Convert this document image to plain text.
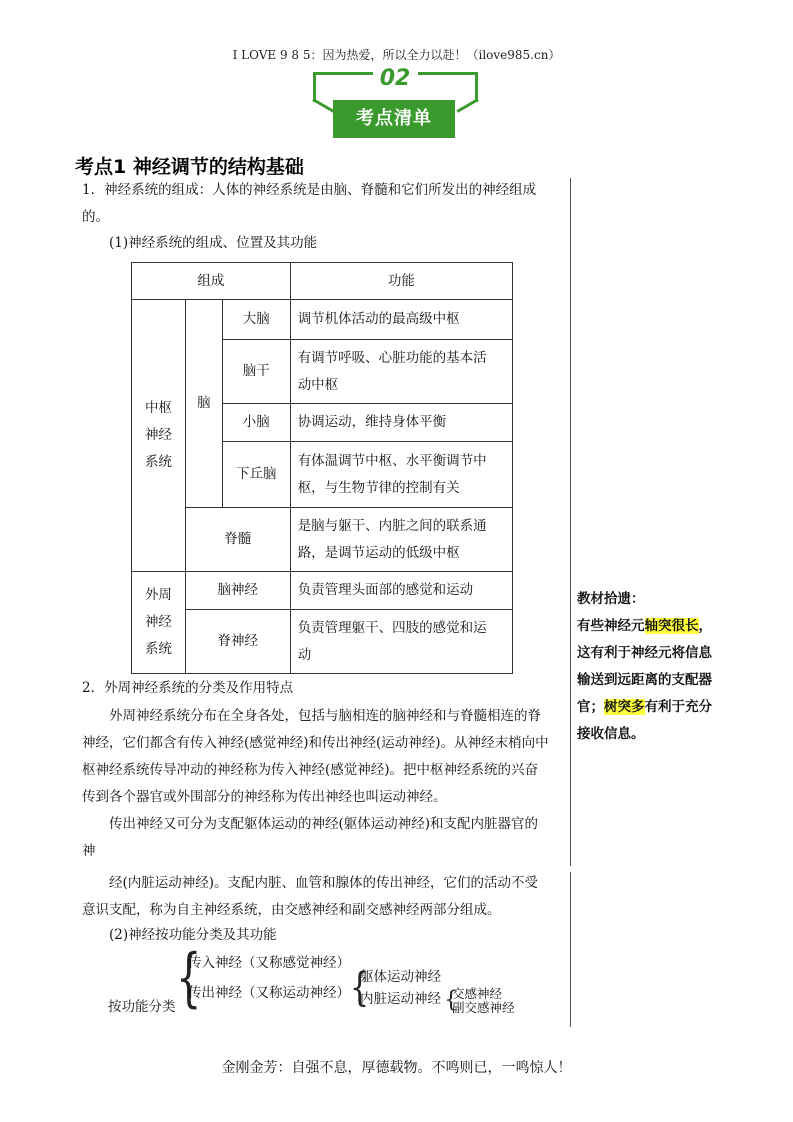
I LOVE 9 8 5：因为热爱，所以全力以赴！（ilove985.cn）
02
考点清单
考点1 神经调节的结构基础
1．神经系统的组成：人体的神经系统是由脑、脊髓和它们所发出的神经组成
的。
(1)神经系统的组成、位置及其功能
组成			功能

中枢
神经
系统	脑	大脑	调节机体活动的最高级中枢
		脑干	有调节呼吸、心脏功能的基本活
动中枢

		小脑	协调运动，维持身体平衡
		下丘脑	有体温调节中枢、水平衡调节中
枢，与生物节律的控制有关

	脊髓		是脑与躯干、内脏之间的联系通
路，是调节运动的低级中枢

外周
神经
系统	脑神经		负责管理头面部的感觉和运动
	脊神经		负责管理躯干、四肢的感觉和运
动
2．外周神经系统的分类及作用特点
外周神经系统分布在全身各处，包括与脑相连的脑神经和与脊髓相连的脊
神经，它们都含有传入神经(感觉神经)和传出神经(运动神经)。从神经末梢向中
枢神经系统传导冲动的神经称为传入神经(感觉神经)。把中枢神经系统的兴奋
传到各个器官或外围部分的神经称为传出神经也叫运动神经。
传出神经又可分为支配躯体运动的神经(躯体运动神经)和支配内脏器官的
神
经(内脏运动神经)。支配内脏、血管和腺体的传出神经，它们的活动不受
意识支配，称为自主神经系统，由交感神经和副交感神经两部分组成。
(2)神经按功能分类及其功能
按功能分类 {
传入神经（又称感觉神经）
传出神经（又称运动神经） {
躯体运动神经
内脏运动神经 {
交感神经
副交感神经
教材拾遗：
有些神经元轴突很长，
这有利于神经元将信息
输送到远距离的支配器
官；树突多有利于充分
接收信息。
金刚金芳：自强不息，厚德载物。不鸣则已，一鸣惊人！
